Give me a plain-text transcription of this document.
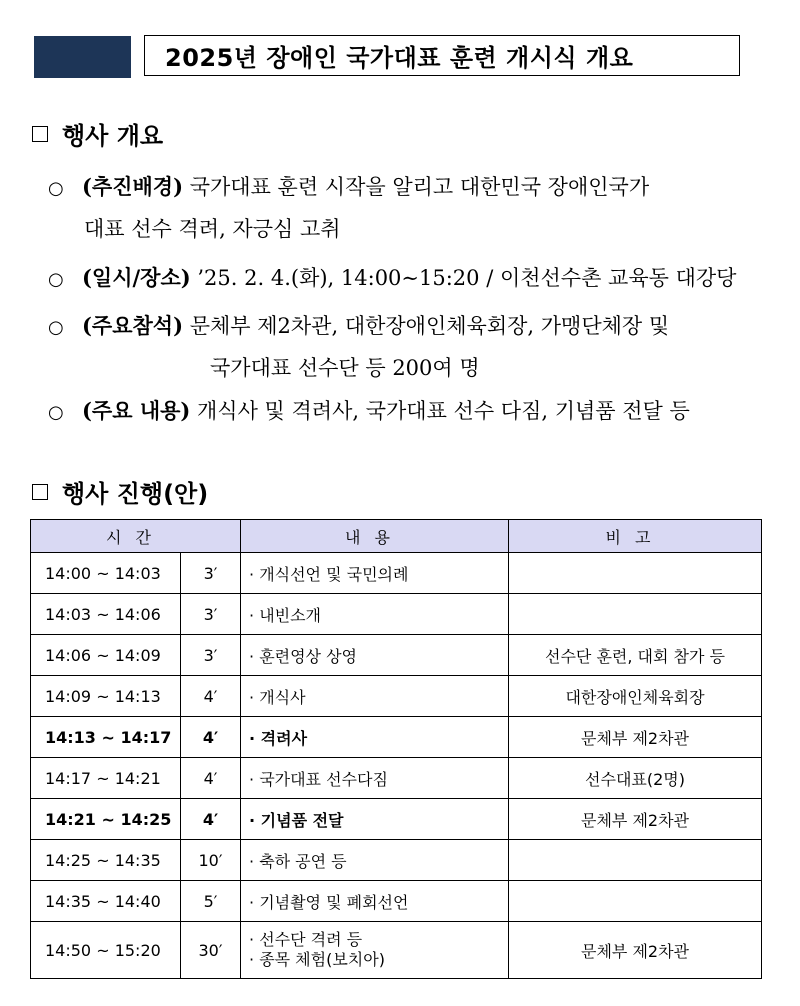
2025년 장애인 국가대표 훈련 개시식 개요
행사 개요
○ (추진배경) 국가대표 훈련 시작을 알리고 대한민국 장애인국가
대표 선수 격려, 자긍심 고취
○ (일시/장소) ’25. 2. 4.(화), 14:00∼15:20 / 이천선수촌 교육동 대강당
○ (주요참석) 문체부 제2차관, 대한장애인체육회장, 가맹단체장 및
국가대표 선수단 등 200여 명
○ (주요 내용) 개식사 및 격려사, 국가대표 선수 다짐, 기념품 전달 등
행사 진행(안)
시간		내용	비고
14:00 ~ 14:03	3′	· 개식선언 및 국민의례	
14:03 ~ 14:06	3′	· 내빈소개	
14:06 ~ 14:09	3′	· 훈련영상 상영	선수단 훈련, 대회 참가 등
14:09 ~ 14:13	4′	· 개식사	대한장애인체육회장
14:13 ~ 14:17	4′	· 격려사	문체부 제2차관
14:17 ~ 14:21	4′	· 국가대표 선수다짐	선수대표(2명)
14:21 ~ 14:25	4′	· 기념품 전달	문체부 제2차관
14:25 ~ 14:35	10′	· 축하 공연 등	
14:35 ~ 14:40	5′	· 기념촬영 및 폐회선언	
14:50 ~ 15:20	30′	· 선수단 격려 등
· 종목 체험(보치아)	문체부 제2차관
